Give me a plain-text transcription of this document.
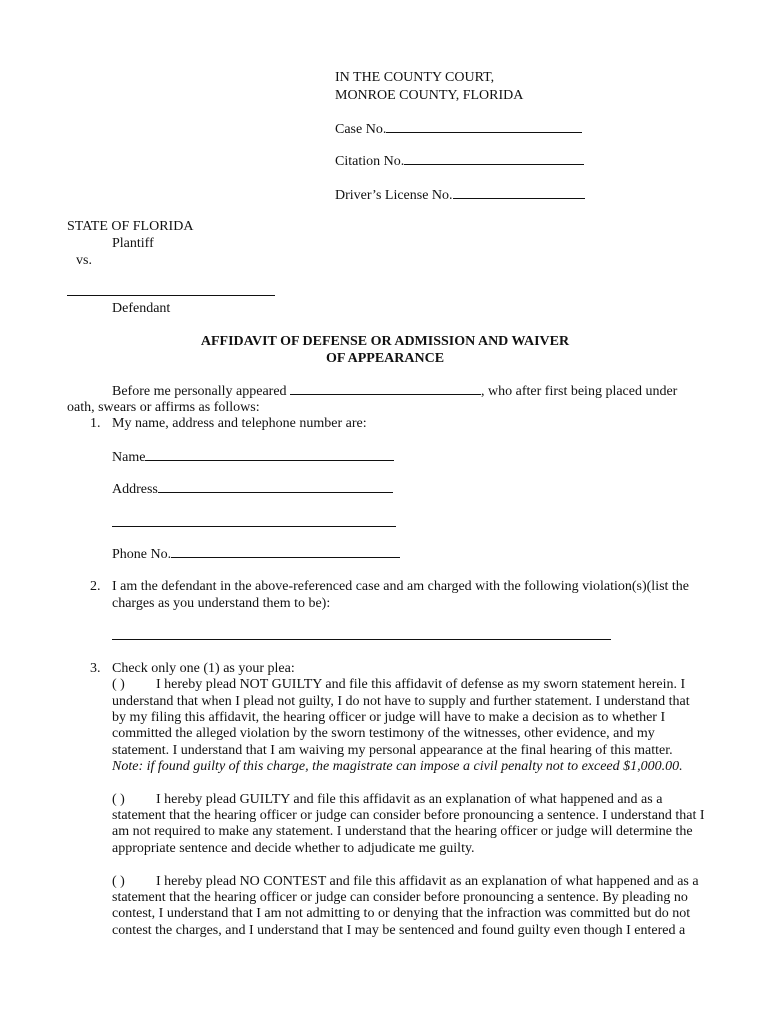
IN THE COUNTY COURT,
MONROE COUNTY, FLORIDA
Case No.
Citation No.
Driver’s License No.
STATE OF FLORIDA
Plantiff
vs.
Defendant
AFFIDAVIT OF DEFENSE OR ADMISSION AND WAIVER
OF APPEARANCE
Before me personally appeared	, who after first being placed under
oath, swears or affirms as follows:
1. My name, address and telephone number are:
Name
Address
Phone No.
2. I am the defendant in the above-referenced case and am charged with the following violation(s)(list the
charges as you understand them to be):
3. Check only one (1) as your plea:
( ) I hereby plead NOT GUILTY and file this affidavit of defense as my sworn statement herein. I
understand that when I plead not guilty, I do not have to supply and further statement. I understand that
by my filing this affidavit, the hearing officer or judge will have to make a decision as to whether I
committed the alleged violation by the sworn testimony of the witnesses, other evidence, and my
statement. I understand that I am waiving my personal appearance at the final hearing of this matter.
Note: if found guilty of this charge, the magistrate can impose a civil penalty not to exceed $1,000.00.
( ) I hereby plead GUILTY and file this affidavit as an explanation of what happened and as a
statement that the hearing officer or judge can consider before pronouncing a sentence. I understand that I
am not required to make any statement. I understand that the hearing officer or judge will determine the
appropriate sentence and decide whether to adjudicate me guilty.
( ) I hereby plead NO CONTEST and file this affidavit as an explanation of what happened and as a
statement that the hearing officer or judge can consider before pronouncing a sentence. By pleading no
contest, I understand that I am not admitting to or denying that the infraction was committed but do not
contest the charges, and I understand that I may be sentenced and found guilty even though I entered a
